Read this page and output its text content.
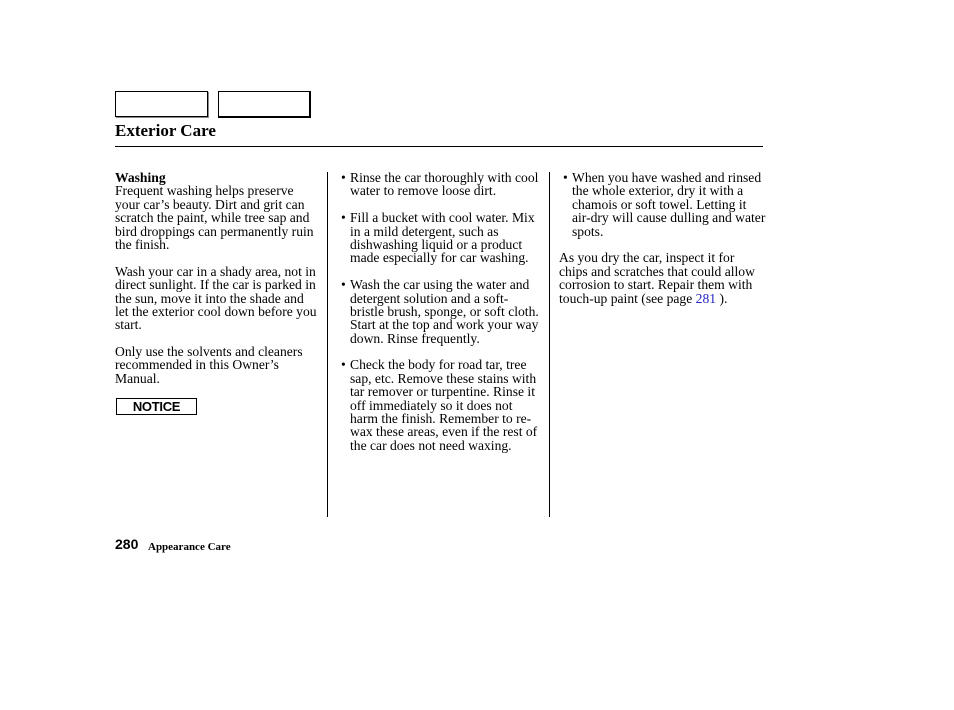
Exterior Care
Washing
Frequent washing helps preserve
your car’s beauty. Dirt and grit can
scratch the paint, while tree sap and
bird droppings can permanently ruin
the finish.
Wash your car in a shady area, not in
direct sunlight. If the car is parked in
the sun, move it into the shade and
let the exterior cool down before you
start.
Only use the solvents and cleaners
recommended in this Owner’s
Manual.
NOTICE
• Rinse the car thoroughly with cool
water to remove loose dirt.
• Fill a bucket with cool water. Mix
in a mild detergent, such as
dishwashing liquid or a product
made especially for car washing.
• Wash the car using the water and
detergent solution and a soft-
bristle brush, sponge, or soft cloth.
Start at the top and work your way
down. Rinse frequently.
• Check the body for road tar, tree
sap, etc. Remove these stains with
tar remover or turpentine. Rinse it
off immediately so it does not
harm the finish. Remember to re-
wax these areas, even if the rest of
the car does not need waxing.
• When you have washed and rinsed
the whole exterior, dry it with a
chamois or soft towel. Letting it
air-dry will cause dulling and water
spots.
As you dry the car, inspect it for
chips and scratches that could allow
corrosion to start. Repair them with
touch-up paint (see page 281 ).
280 Appearance Care
